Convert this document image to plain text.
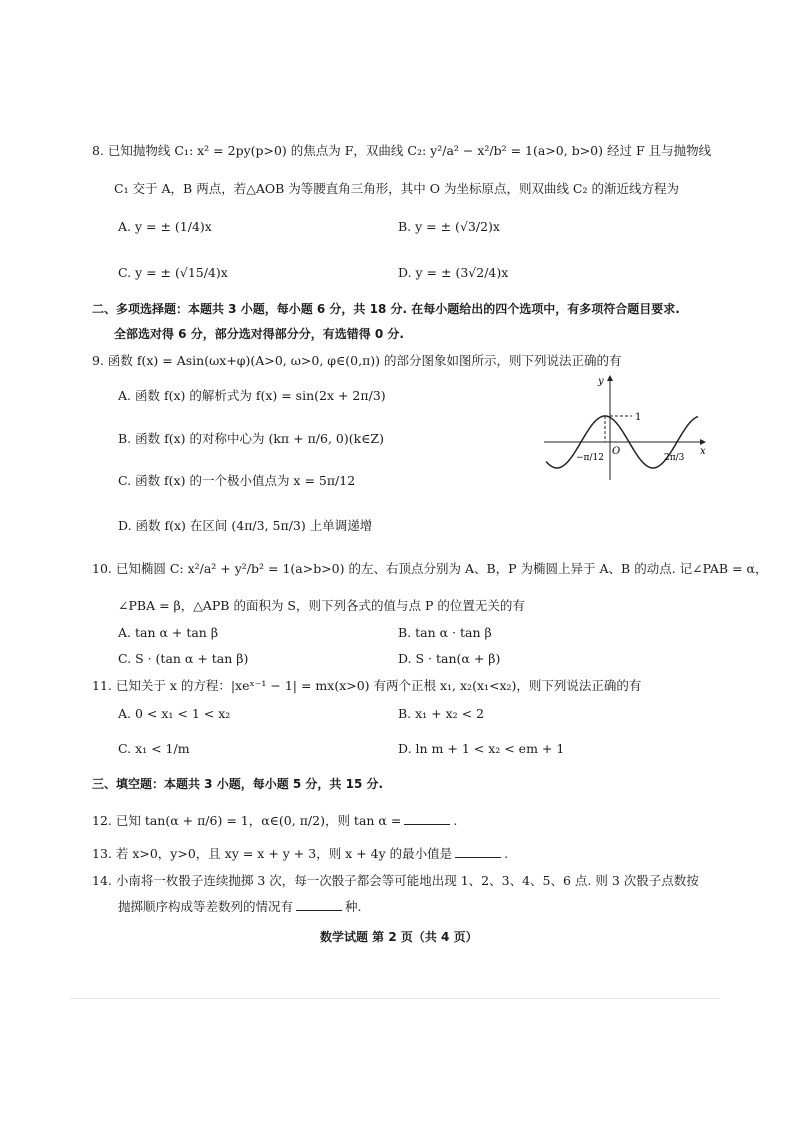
8. 已知抛物线 C₁: x² = 2py(p>0) 的焦点为 F，双曲线 C₂: y²/a² − x²/b² = 1(a>0, b>0) 经过 F 且与抛物线
C₁ 交于 A，B 两点，若△AOB 为等腰直角三角形，其中 O 为坐标原点，则双曲线 C₂ 的渐近线方程为
A. y = ± (1/4)x	B. y = ± (√3/2)x
C. y = ± (√15/4)x	D. y = ± (3√2/4)x
二、多项选择题：本题共 3 小题，每小题 6 分，共 18 分. 在每小题给出的四个选项中，有多项符合题目要求.
全部选对得 6 分，部分选对得部分分，有选错得 0 分.
9. 函数 f(x) = Asin(ωx+φ)(A>0, ω>0, φ∈(0,π)) 的部分图象如图所示，则下列说法正确的有
A. 函数 f(x) 的解析式为 f(x) = sin(2x + 2π/3)
B. 函数 f(x) 的对称中心为 (kπ + π/6, 0)(k∈Z)
C. 函数 f(x) 的一个极小值点为 x = 5π/12
D. 函数 f(x) 在区间 (4π/3, 5π/3) 上单调递增
y
x
O
1
−π/12	2π/3
10. 已知椭圆 C: x²/a² + y²/b² = 1(a>b>0) 的左、右顶点分别为 A、B，P 为椭圆上异于 A、B 的动点. 记∠PAB = α，
∠PBA = β，△APB 的面积为 S，则下列各式的值与点 P 的位置无关的有
A. tan α + tan β	B. tan α · tan β
C. S · (tan α + tan β)	D. S · tan(α + β)
11. 已知关于 x 的方程：|xeˣ⁻¹ − 1| = mx(x>0) 有两个正根 x₁, x₂(x₁<x₂)，则下列说法正确的有
A. 0 < x₁ < 1 < x₂	B. x₁ + x₂ < 2
C. x₁ < 1/m	D. ln m + 1 < x₂ < em + 1
三、填空题：本题共 3 小题，每小题 5 分，共 15 分.
12. 已知 tan(α + π/6) = 1，α∈(0, π/2)，则 tan α =	.
13. 若 x>0，y>0，且 xy = x + y + 3，则 x + 4y 的最小值是	.
14. 小南将一枚骰子连续抛掷 3 次，每一次骰子都会等可能地出现 1、2、3、4、5、6 点. 则 3 次骰子点数按
抛掷顺序构成等差数列的情况有	种.
数学试题 第 2 页（共 4 页）
